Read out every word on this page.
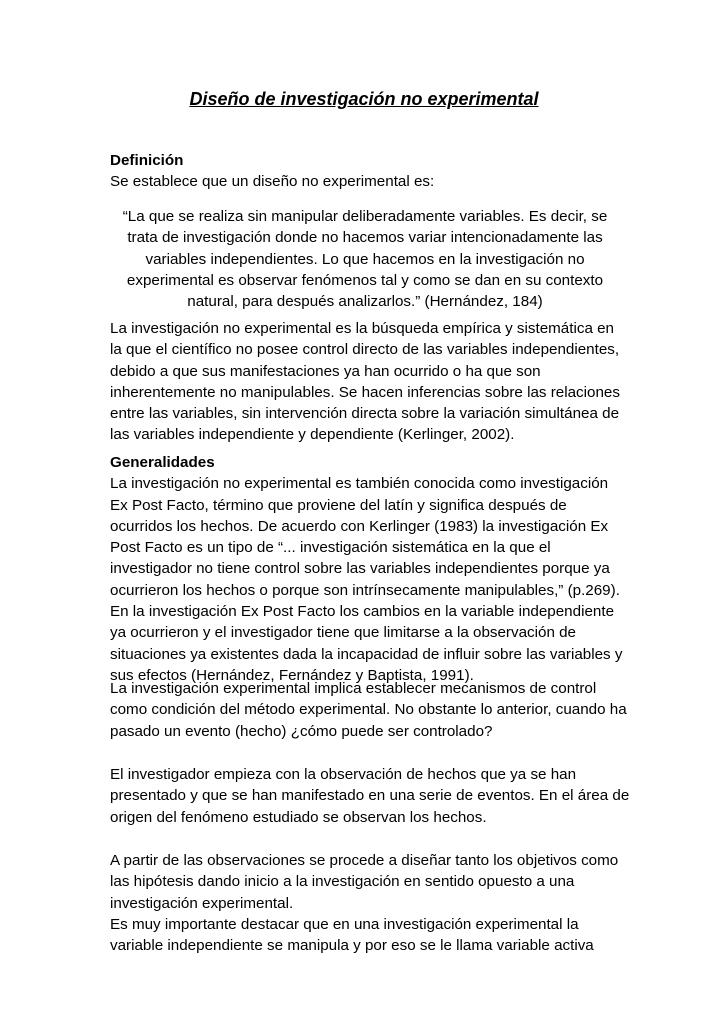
Diseño de investigación no experimental

Definición

Se establece que un diseño no experimental es:

“La que se realiza sin manipular deliberadamente variables. Es decir, se trata de investigación donde no hacemos variar intencionadamente las variables independientes. Lo que hacemos en la investigación no experimental es observar fenómenos tal y como se dan en su contexto natural, para después analizarlos.” (Hernández, 184)
La investigación no experimental es la búsqueda empírica y sistemática en la que el científico no posee control directo de las variables independientes, debido a que sus manifestaciones ya han ocurrido o ha que son inherentemente no manipulables. Se hacen inferencias sobre las relaciones entre las variables, sin intervención directa sobre la variación simultánea de las variables independiente y dependiente (Kerlinger, 2002).

Generalidades

La investigación no experimental es también conocida como investigación Ex Post Facto, término que proviene del latín y significa después de ocurridos los hechos. De acuerdo con Kerlinger (1983) la investigación Ex Post Facto es un tipo de “... investigación sistemática en la que el investigador no tiene control sobre las variables independientes porque ya ocurrieron los hechos o porque son intrínsecamente manipulables,” (p.269). En la investigación Ex Post Facto los cambios en la variable independiente ya ocurrieron y el investigador tiene que limitarse a la observación de situaciones ya existentes dada la incapacidad de influir sobre las variables y sus efectos (Hernández, Fernández y Baptista, 1991).

La investigación experimental implica establecer mecanismos de control como condición del método experimental. No obstante lo anterior, cuando ha pasado un evento (hecho) ¿cómo puede ser controlado?
El investigador empieza con la observación de hechos que ya se han presentado y que se han manifestado en una serie de eventos. En el área de origen del fenómeno estudiado se observan los hechos.
A partir de las observaciones se procede a diseñar tanto los objetivos como las hipótesis dando inicio a la investigación en sentido opuesto a una investigación experimental.
Es muy importante destacar que en una investigación experimental la variable independiente se manipula y por eso se le llama variable activa
